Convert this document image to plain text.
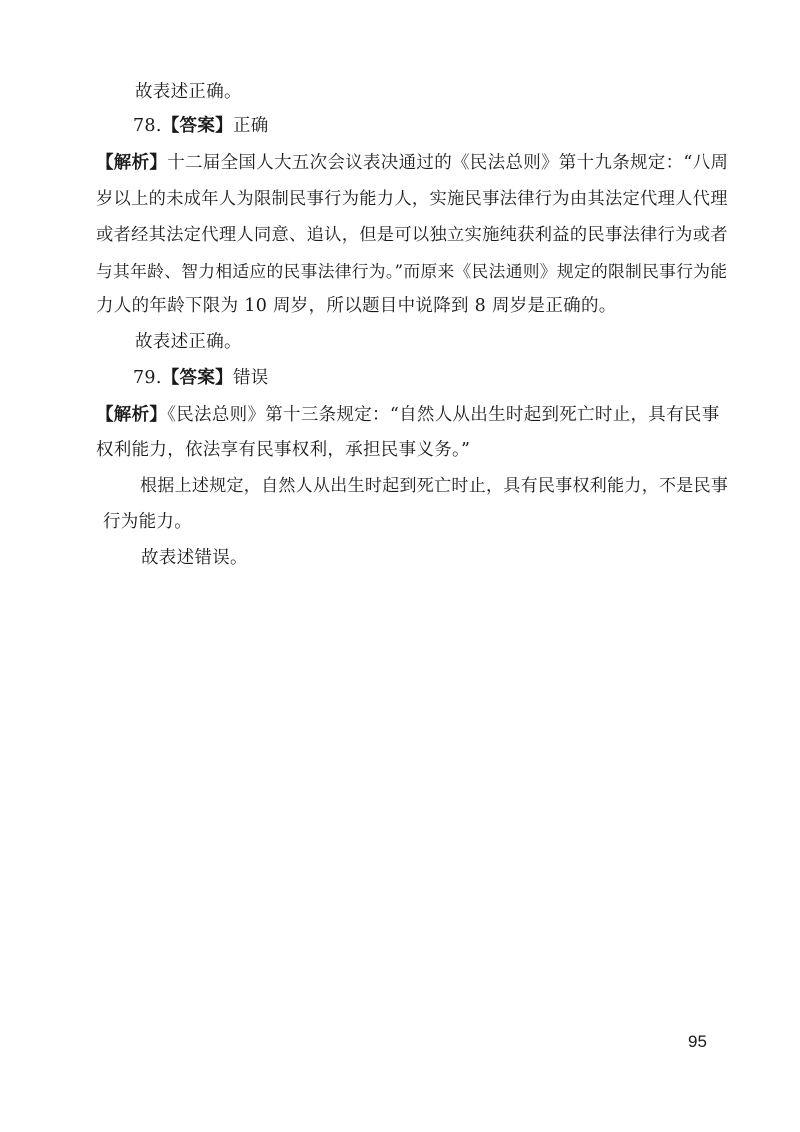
故表述正确。
78.【答案】正确
【解析】十二届全国人大五次会议表决通过的《民法总则》第十九条规定：“八周
岁以上的未成年人为限制民事行为能力人，实施民事法律行为由其法定代理人代理
或者经其法定代理人同意、追认，但是可以独立实施纯获利益的民事法律行为或者
与其年龄、智力相适应的民事法律行为。”而原来《民法通则》规定的限制民事行为能
力人的年龄下限为 10 周岁，所以题目中说降到 8 周岁是正确的。
故表述正确。
79.【答案】错误
【解析】《民法总则》第十三条规定：“自然人从出生时起到死亡时止，具有民事
权利能力，依法享有民事权利，承担民事义务。”
根据上述规定，自然人从出生时起到死亡时止，具有民事权利能力，不是民事
行为能力。
故表述错误。
95
